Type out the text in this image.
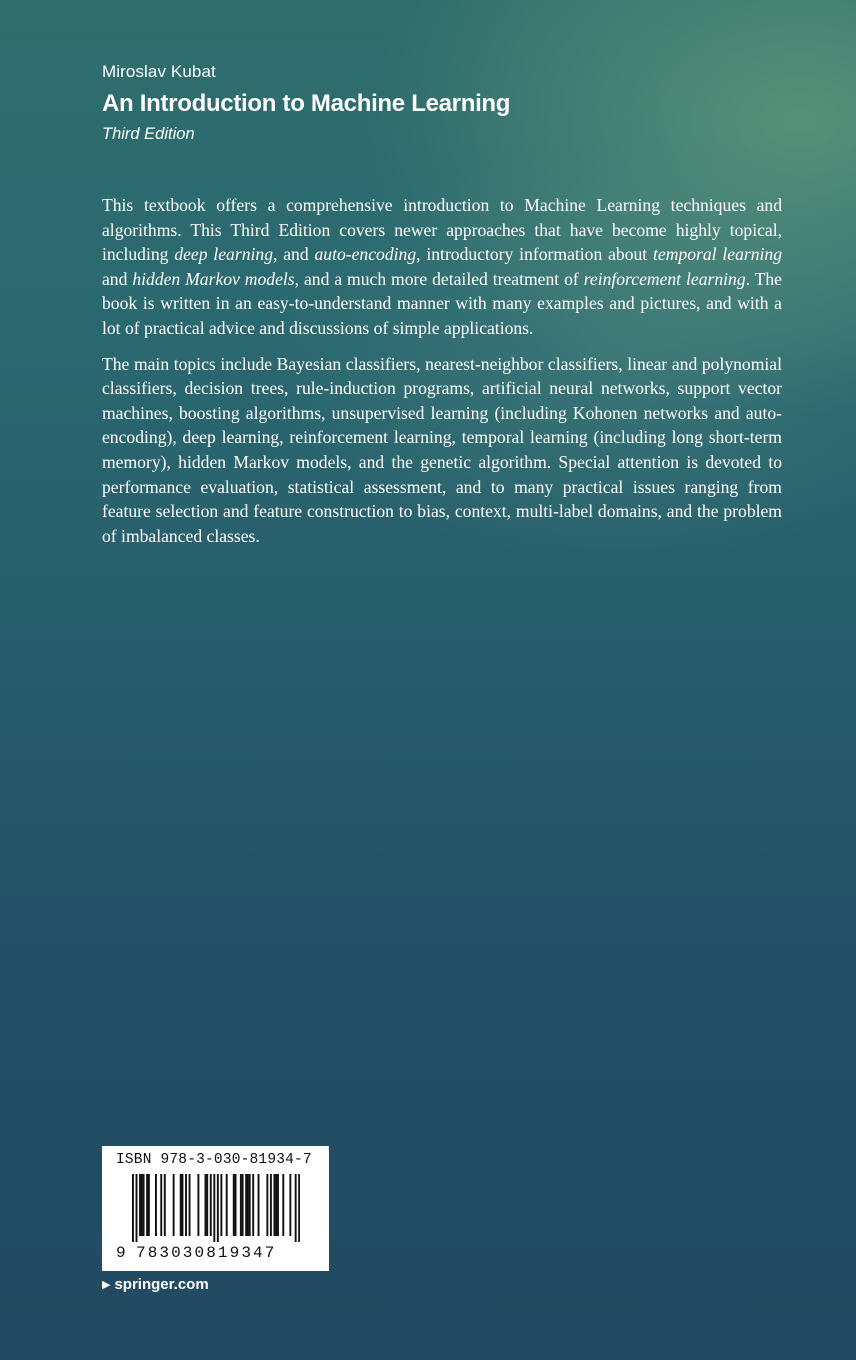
Miroslav Kubat
An Introduction to Machine Learning
Third Edition

This textbook offers a comprehensive introduction to Machine Learning techniques and algorithms. This Third Edition covers newer approaches that have become highly topical, including deep learning, and auto-encoding, introductory information about temporal learning and hidden Markov models, and a much more detailed treatment of reinforcement learning. The book is written in an easy-to-understand manner with many examples and pictures, and with a lot of practical advice and discussions of simple applications.

The main topics include Bayesian classifiers, nearest-neighbor classifiers, linear and polynomial classifiers, decision trees, rule-induction programs, artificial neural networks, support vector machines, boosting algorithms, unsupervised learning (including Kohonen networks and auto-encoding), deep learning, reinforcement learning, temporal learning (including long short-term memory), hidden Markov models, and the genetic algorithm. Special attention is devoted to performance evaluation, statistical assessment, and to many practical issues ranging from feature selection and feature construction to bias, context, multi-label domains, and the problem of imbalanced classes.

ISBN 978-3-030-81934-7
9 783030819347
▶ springer.com
